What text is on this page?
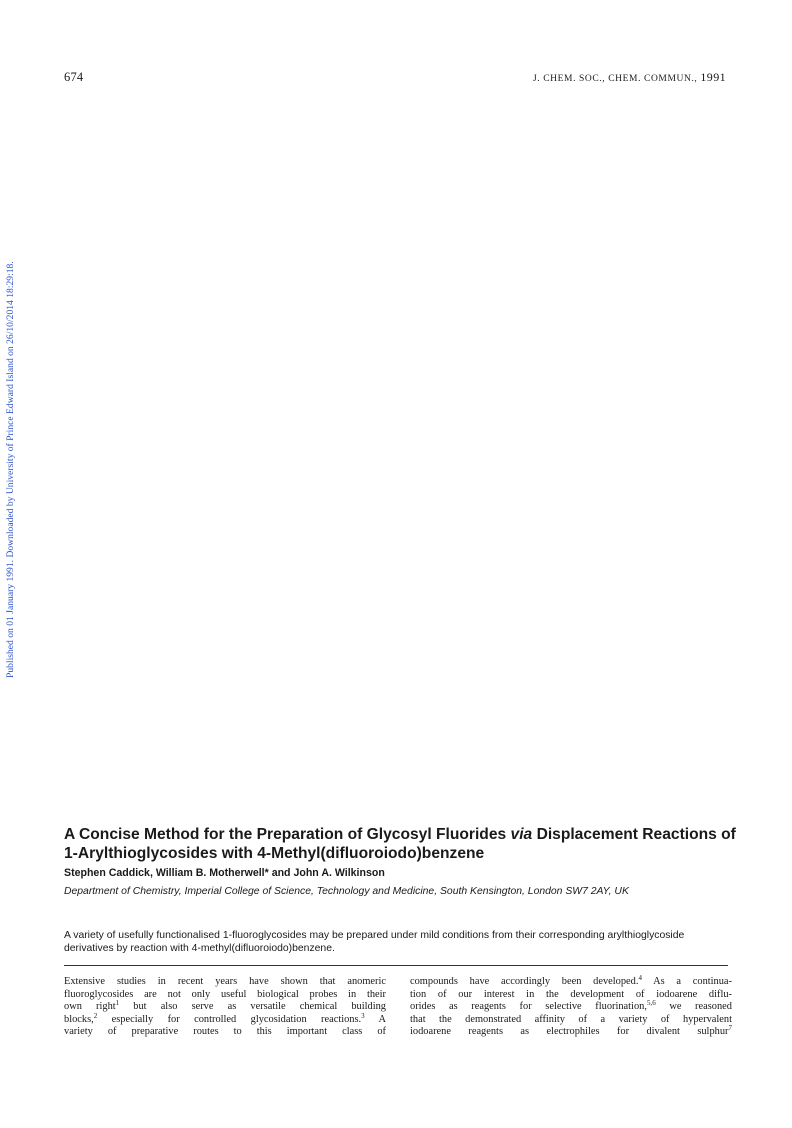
674	J. CHEM. SOC., CHEM. COMMUN., 1991
Published on 01 January 1991. Downloaded by University of Prince Edward Island on 26/10/2014 18:29:18.
A Concise Method for the Preparation of Glycosyl Fluorides via Displacement Reactions of 1-Arylthioglycosides with 4-Methyl(difluoroiodo)benzene
Stephen Caddick, William B. Motherwell* and John A. Wilkinson
Department of Chemistry, Imperial College of Science, Technology and Medicine, South Kensington, London SW7 2AY, UK
A variety of usefully functionalised 1-fluoroglycosides may be prepared under mild conditions from their corresponding arylthioglycoside derivatives by reaction with 4-methyl(difluoroiodo)benzene.
Extensive studies in recent years have shown that anomeric
fluoroglycosides are not only useful biological probes in their
own right$^1$ but also serve as versatile chemical building
blocks,$^2$ especially for controlled glycosidation reactions.$^3$ A
variety of preparative routes to this important class of
compounds have accordingly been developed.$^4$ As a continua-
tion of our interest in the development of iodoarene diflu-
orides as reagents for selective fluorination,$^{5,6}$ we reasoned
that the demonstrated affinity of a variety of hypervalent
iodoarene reagents as electrophiles for divalent sulphur$^7$
